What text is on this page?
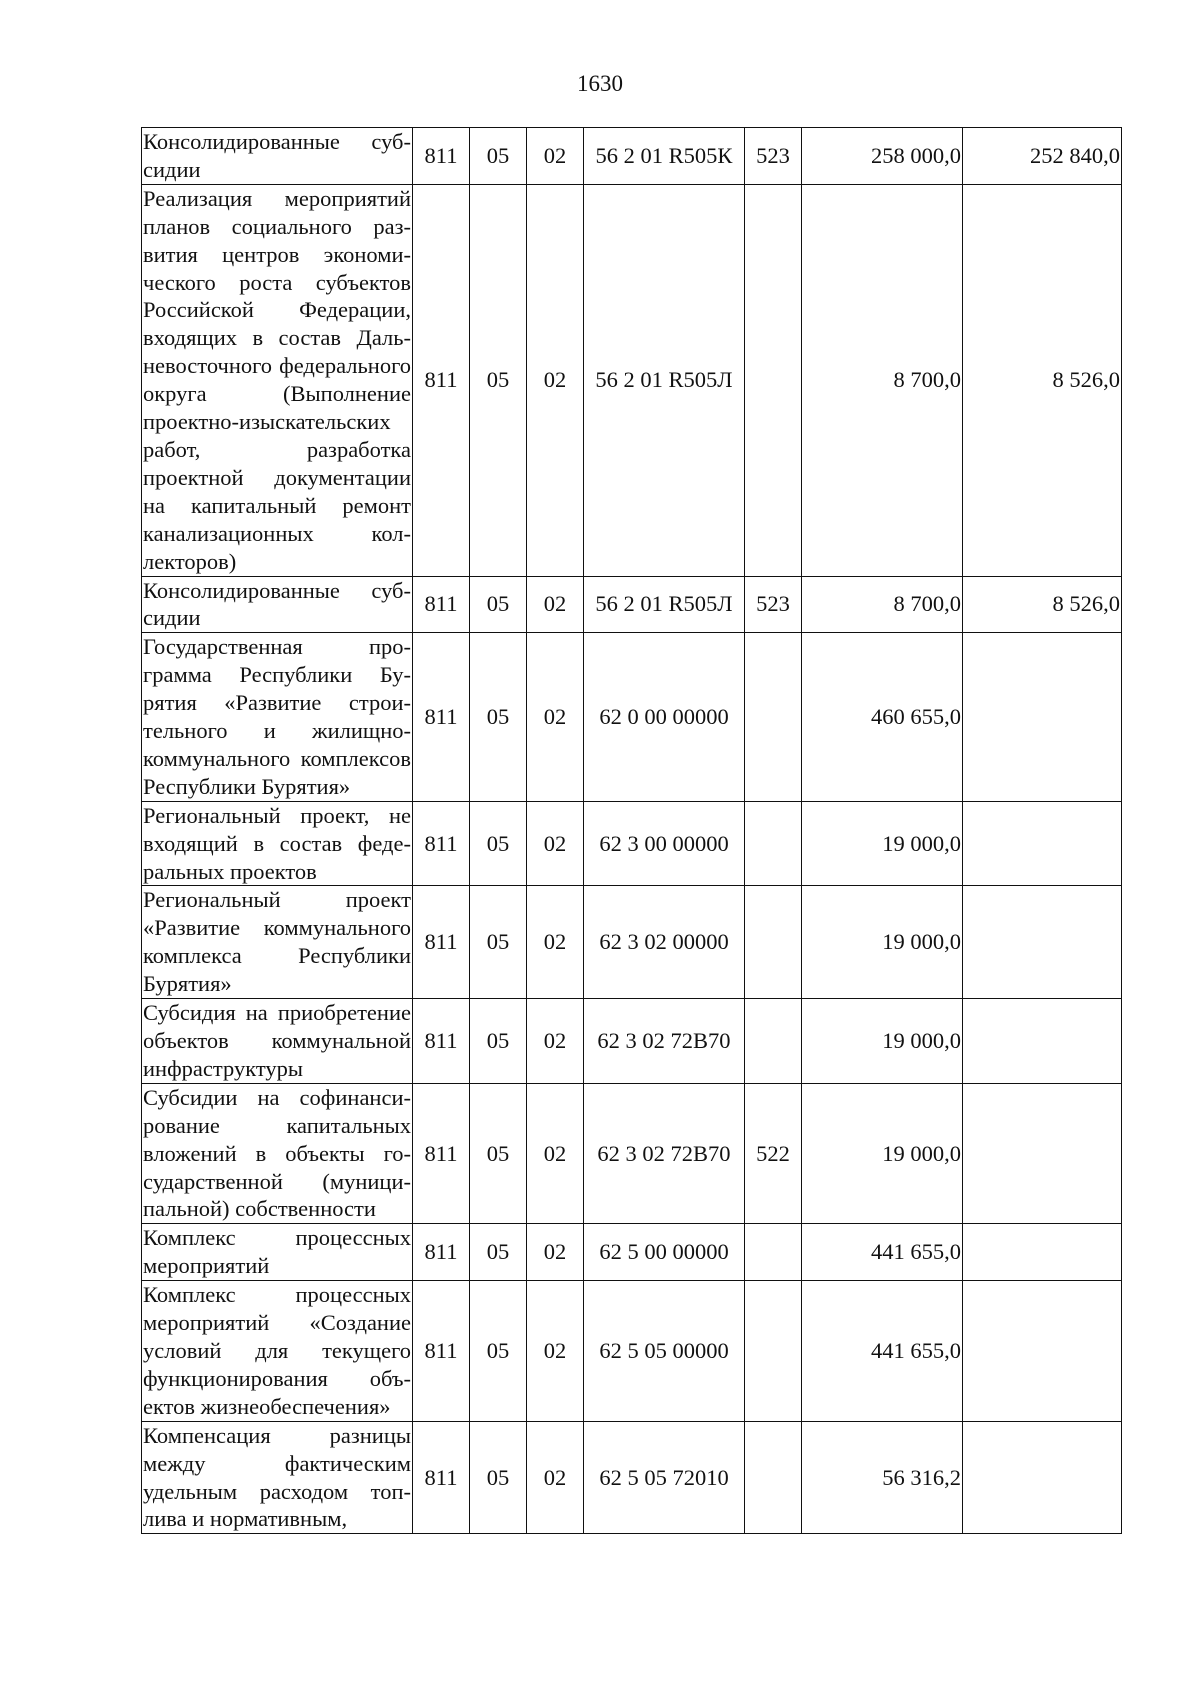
1630
Консолидированные субсидии	811	05	02	56 2 01 R505К	523	258 000,0	252 840,0
Реализация мероприятий планов социального развития центров экономического роста субъектов Российской Федерации, входящих в состав Дальневосточного федерального округа (Выполнение проектно-изыскательских работ, разработка проектной документации на капитальный ремонт канализационных коллекторов)	811	05	02	56 2 01 R505Л		8 700,0	8 526,0
Консолидированные субсидии	811	05	02	56 2 01 R505Л	523	8 700,0	8 526,0
Государственная программа Республики Бурятия «Развитие строительного и жилищно-коммунального комплексов Республики Бурятия»	811	05	02	62 0 00 00000		460 655,0	
Региональный проект, не входящий в состав федеральных проектов	811	05	02	62 3 00 00000		19 000,0	
Региональный проект «Развитие коммунального комплекса Республики Бурятия»	811	05	02	62 3 02 00000		19 000,0	
Субсидия на приобретение объектов коммунальной инфраструктуры	811	05	02	62 3 02 72В70		19 000,0	
Субсидии на софинансирование капитальных вложений в объекты государственной (муниципальной) собственности	811	05	02	62 3 02 72В70	522	19 000,0	
Комплекс процессных мероприятий	811	05	02	62 5 00 00000		441 655,0	
Комплекс процессных мероприятий «Создание условий для текущего функционирования объектов жизнеобеспечения»	811	05	02	62 5 05 00000		441 655,0	
Компенсация разницы между фактическим удельным расходом топлива и нормативным,	811	05	02	62 5 05 72010		56 316,2	
